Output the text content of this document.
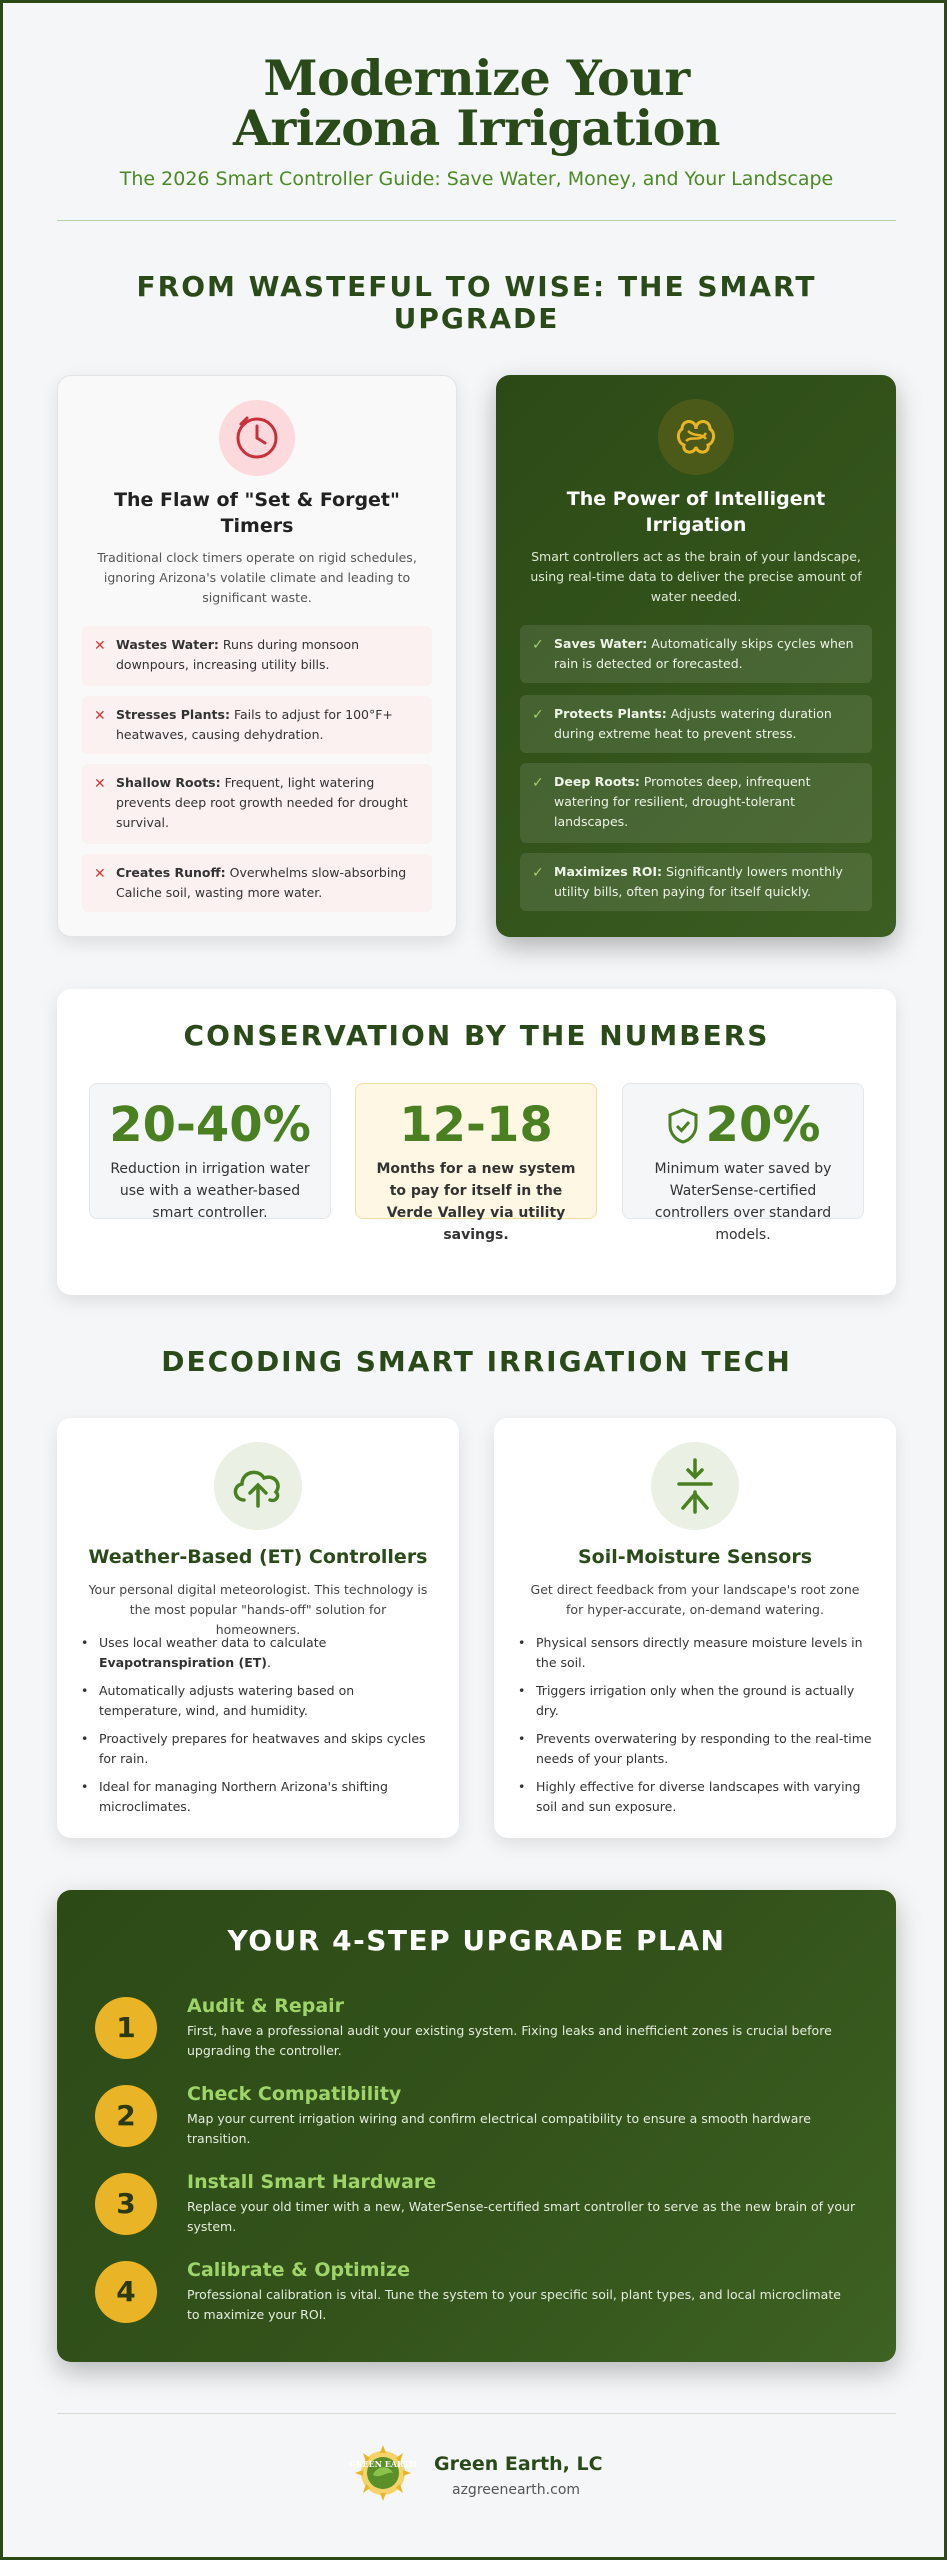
Modernize Your Arizona Irrigation
The 2026 Smart Controller Guide: Save Water, Money, and Your Landscape
FROM WASTEFUL TO WISE: THE SMART UPGRADE
The Flaw of "Set & Forget" Timers
Traditional clock timers operate on rigid schedules, ignoring Arizona's volatile climate and leading to significant waste.
✕ Wastes Water: Runs during monsoon downpours, increasing utility bills.
✕ Stresses Plants: Fails to adjust for 100°F+ heatwaves, causing dehydration.
✕ Shallow Roots: Frequent, light watering prevents deep root growth needed for drought survival.
✕ Creates Runoff: Overwhelms slow-absorbing Caliche soil, wasting more water.
The Power of Intelligent Irrigation
Smart controllers act as the brain of your landscape, using real-time data to deliver the precise amount of water needed.
✓ Saves Water: Automatically skips cycles when rain is detected or forecasted.
✓ Protects Plants: Adjusts watering duration during extreme heat to prevent stress.
✓ Deep Roots: Promotes deep, infrequent watering for resilient, drought-tolerant landscapes.
✓ Maximizes ROI: Significantly lowers monthly utility bills, often paying for itself quickly.
CONSERVATION BY THE NUMBERS
20-40%
Reduction in irrigation water use with a weather-based smart controller.
12-18
Months for a new system to pay for itself in the Verde Valley via utility savings.
20%
Minimum water saved by WaterSense-certified controllers over standard models.
DECODING SMART IRRIGATION TECH
Weather-Based (ET) Controllers
Your personal digital meteorologist. This technology is the most popular "hands-off" solution for homeowners.
• Uses local weather data to calculate Evapotranspiration (ET).
• Automatically adjusts watering based on temperature, wind, and humidity.
• Proactively prepares for heatwaves and skips cycles for rain.
• Ideal for managing Northern Arizona's shifting microclimates.
Soil-Moisture Sensors
Get direct feedback from your landscape's root zone for hyper-accurate, on-demand watering.
• Physical sensors directly measure moisture levels in the soil.
• Triggers irrigation only when the ground is actually dry.
• Prevents overwatering by responding to the real-time needs of your plants.
• Highly effective for diverse landscapes with varying soil and sun exposure.
YOUR 4-STEP UPGRADE PLAN
1
Audit & Repair
First, have a professional audit your existing system. Fixing leaks and inefficient zones is crucial before upgrading the controller.
2
Check Compatibility
Map your current irrigation wiring and confirm electrical compatibility to ensure a smooth hardware transition.
3
Install Smart Hardware
Replace your old timer with a new, WaterSense-certified smart controller to serve as the new brain of your system.
4
Calibrate & Optimize
Professional calibration is vital. Tune the system to your specific soil, plant types, and local microclimate to maximize your ROI.
GREEN EARTH Green Earth, LC
azgreenearth.com
